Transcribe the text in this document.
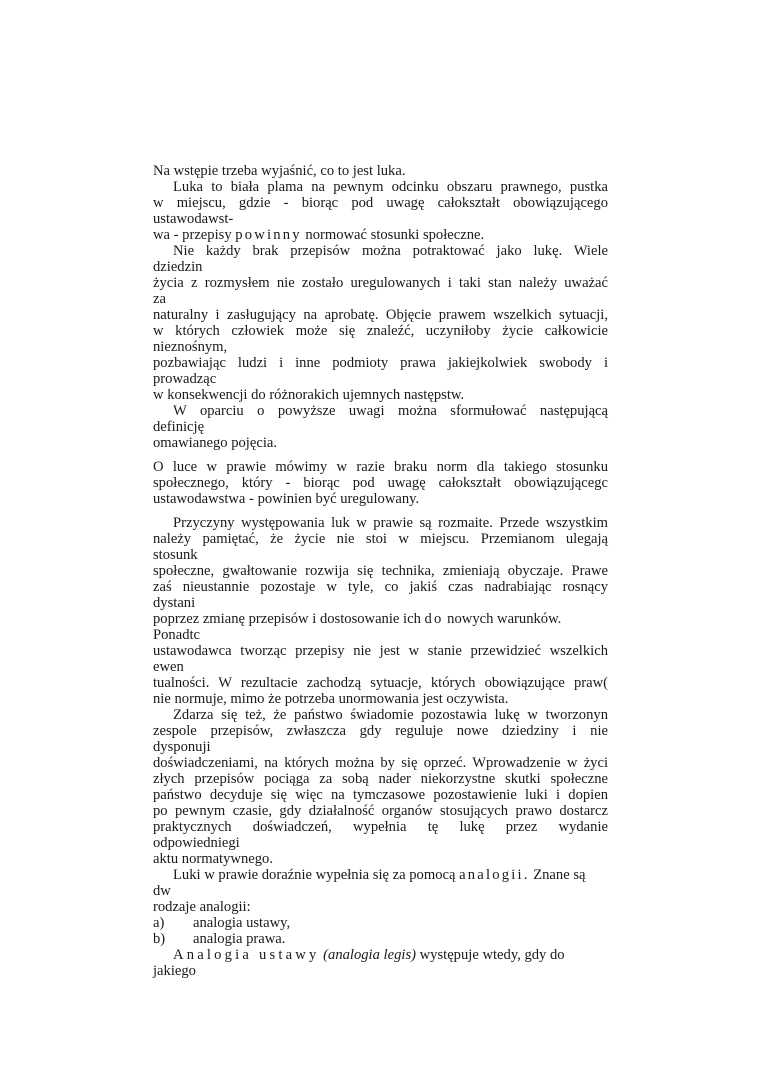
Na wstępie trzeba wyjaśnić, co to jest luka.
Luka to biała plama na pewnym odcinku obszaru prawnego, pustka
w miejscu, gdzie - biorąc pod uwagę całokształt obowiązującego
ustawodawst-
wa - przepisy powinny normować stosunki społeczne.
Nie każdy brak przepisów można potraktować jako lukę. Wiele
dziedzin
życia z rozmysłem nie zostało uregulowanych i taki stan należy uważać
za
naturalny i zasługujący na aprobatę. Objęcie prawem wszelkich sytuacji,
w których człowiek może się znaleźć, uczyniłoby życie całkowicie
nieznośnym,
pozbawiając ludzi i inne podmioty prawa jakiejkolwiek swobody i
prowadząc
w konsekwencji do różnorakich ujemnych następstw.
W oparciu o powyższe uwagi można sformułować następującą
definicję
omawianego pojęcia.
O luce w prawie mówimy w razie braku norm dla takiego stosunku
społecznego, który - biorąc pod uwagę całokształt obowiązującegc
ustawodawstwa - powinien być uregulowany.
Przyczyny występowania luk w prawie są rozmaite. Przede wszystkim
należy pamiętać, że życie nie stoi w miejscu. Przemianom ulegają
stosunk
społeczne, gwałtowanie rozwija się technika, zmieniają obyczaje. Prawe
zaś nieustannie pozostaje w tyle, co jakiś czas nadrabiając rosnący
dystani
poprzez zmianę przepisów i dostosowanie ich do nowych warunków.
Ponadtc
ustawodawca tworząc przepisy nie jest w stanie przewidzieć wszelkich
ewen
tualności. W rezultacie zachodzą sytuacje, których obowiązujące praw(
nie normuje, mimo że potrzeba unormowania jest oczywista.
Zdarza się też, że państwo świadomie pozostawia lukę w tworzonyn
zespole przepisów, zwłaszcza gdy reguluje nowe dziedziny i nie
dysponuji
doświadczeniami, na których można by się oprzeć. Wprowadzenie w życi
złych przepisów pociąga za sobą nader niekorzystne skutki społeczne
państwo decyduje się więc na tymczasowe pozostawienie luki i dopien
po pewnym czasie, gdy działalność organów stosujących prawo dostarcz
praktycznych doświadczeń, wypełnia tę lukę przez wydanie
odpowiedniegi
aktu normatywnego.
Luki w prawie doraźnie wypełnia się za pomocą analogii. Znane są
dw
rodzaje analogii:
a) analogia ustawy,
b) analogia prawa.
Analogia ustawy (analogia legis) występuje wtedy, gdy do
jakiego
